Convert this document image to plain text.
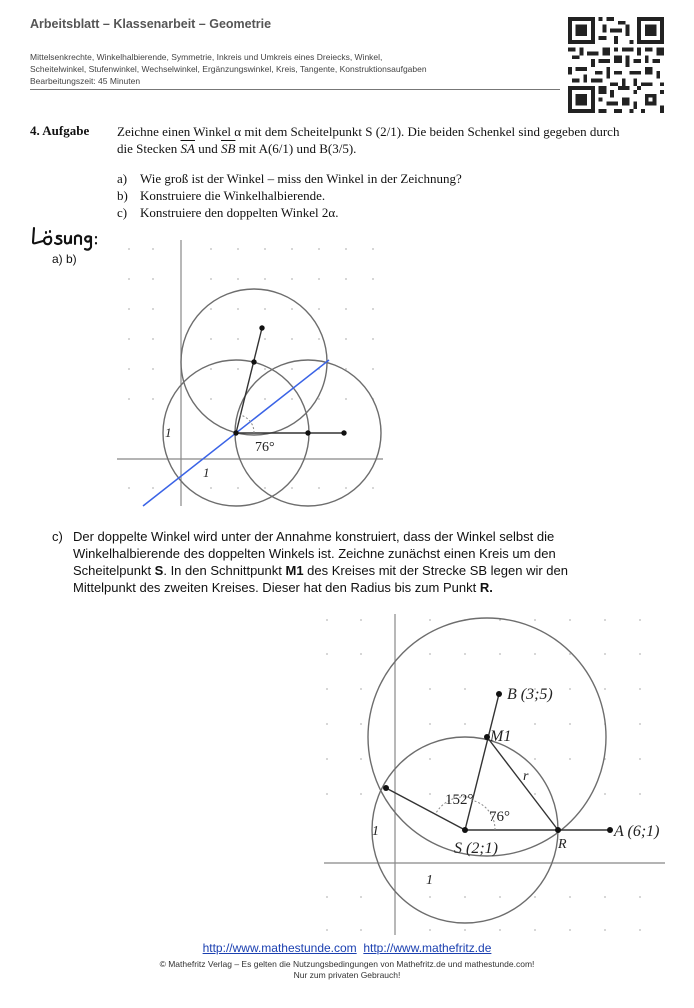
Arbeitsblatt – Klassenarbeit – Geometrie
Mittelsenkrechte, Winkelhalbierende, Symmetrie, Inkreis und Umkreis eines Dreiecks, Winkel,
Scheitelwinkel, Stufenwinkel, Wechselwinkel, Ergänzungswinkel, Kreis, Tangente, Konstruktionsaufgaben
Bearbeitungszeit: 45 Minuten
4. Aufgabe Zeichne einen Winkel α mit dem Scheitelpunkt S (2/1). Die beiden Schenkel sind gegeben durch
die Stecken $\overline{SA}$ und $\overline{SB}$ mit A(6/1) und B(3/5).
a) Wie groß ist der Winkel – miss den Winkel in der Zeichnung?
b) Konstruiere die Winkelhalbierende.
c) Konstruiere den doppelten Winkel 2α.
a) b)
76°
1
1
c) Der doppelte Winkel wird unter der Annahme konstruiert, dass der Winkel selbst die
Winkelhalbierende des doppelten Winkels ist. Zeichne zunächst einen Kreis um den
Scheitelpunkt S. In den Schnittpunkt M1 des Kreises mit der Strecke SB legen wir den
Mittelpunkt des zweiten Kreises. Dieser hat den Radius bis zum Punkt R.
B (3;5)
M1
A (6;1)
S (2;1)	R
r
1
1
152°
76°
http://www.mathestunde.com http://www.mathefritz.de
© Mathefritz Verlag – Es gelten die Nutzungsbedingungen von Mathefritz.de und mathestunde.com!
Nur zum privaten Gebrauch!
